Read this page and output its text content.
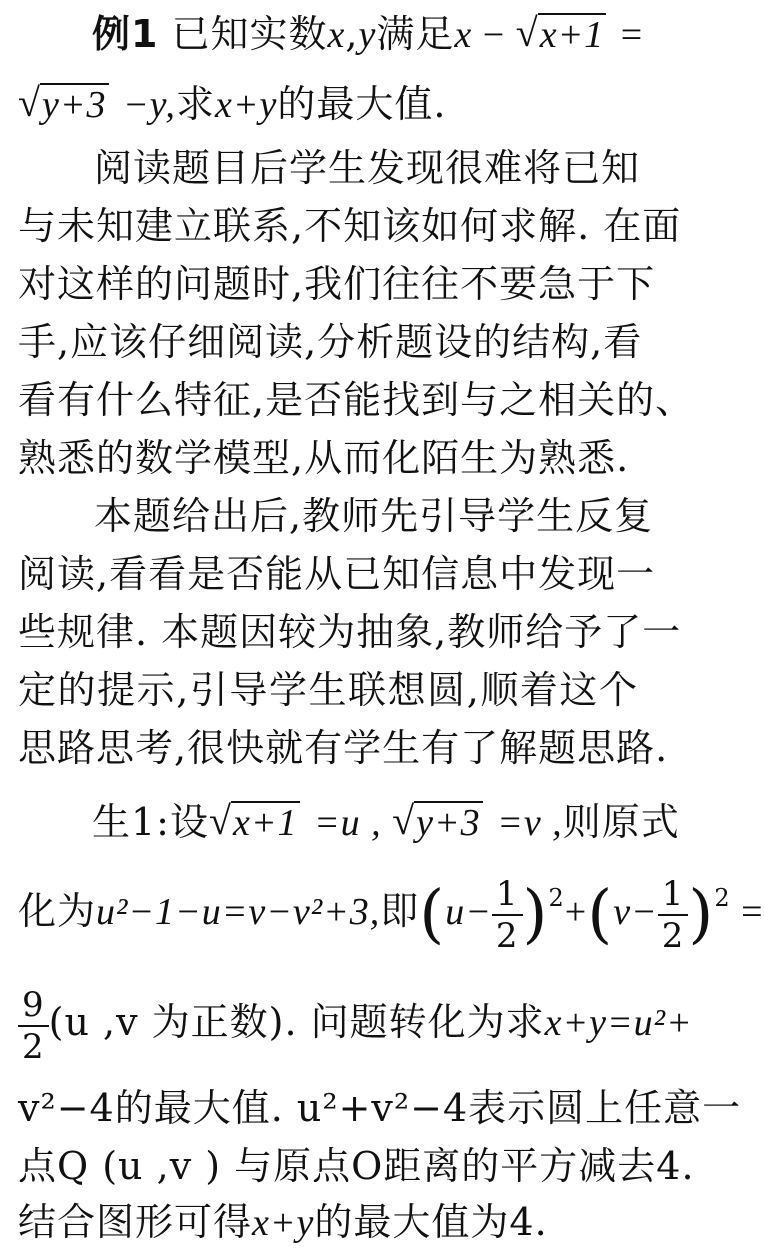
例1 已知实数x,y满足x − √ x+1 =
√ y+3 −y,求x+y的最大值.
阅读题目后学生发现很难将已知
与未知建立联系,不知该如何求解. 在面
对这样的问题时,我们往往不要急于下
手,应该仔细阅读,分析题设的结构,看
看有什么特征,是否能找到与之相关的、
熟悉的数学模型,从而化陌生为熟悉.
本题给出后,教师先引导学生反复
阅读,看看是否能从已知信息中发现一
些规律. 本题因较为抽象,教师给予了一
定的提示,引导学生联想圆,顺着这个
思路思考,很快就有学生有了解题思路.
生1:设 √ x+1 =u , √ y+3 =v ,则原式
化为u²−1−u=v−v²+3,即$(u- \frac{1}{2} )^2+(v- \frac{1}{2} )^2$ =
$\frac{9}{2} (u$ ,v 为正数). 问题转化为求x+y=u²+
v²−4的最大值. u²+v²−4表示圆上任意一
点Q (u ,v ) 与原点O距离的平方减去4.
结合图形可得x+y的最大值为4.
